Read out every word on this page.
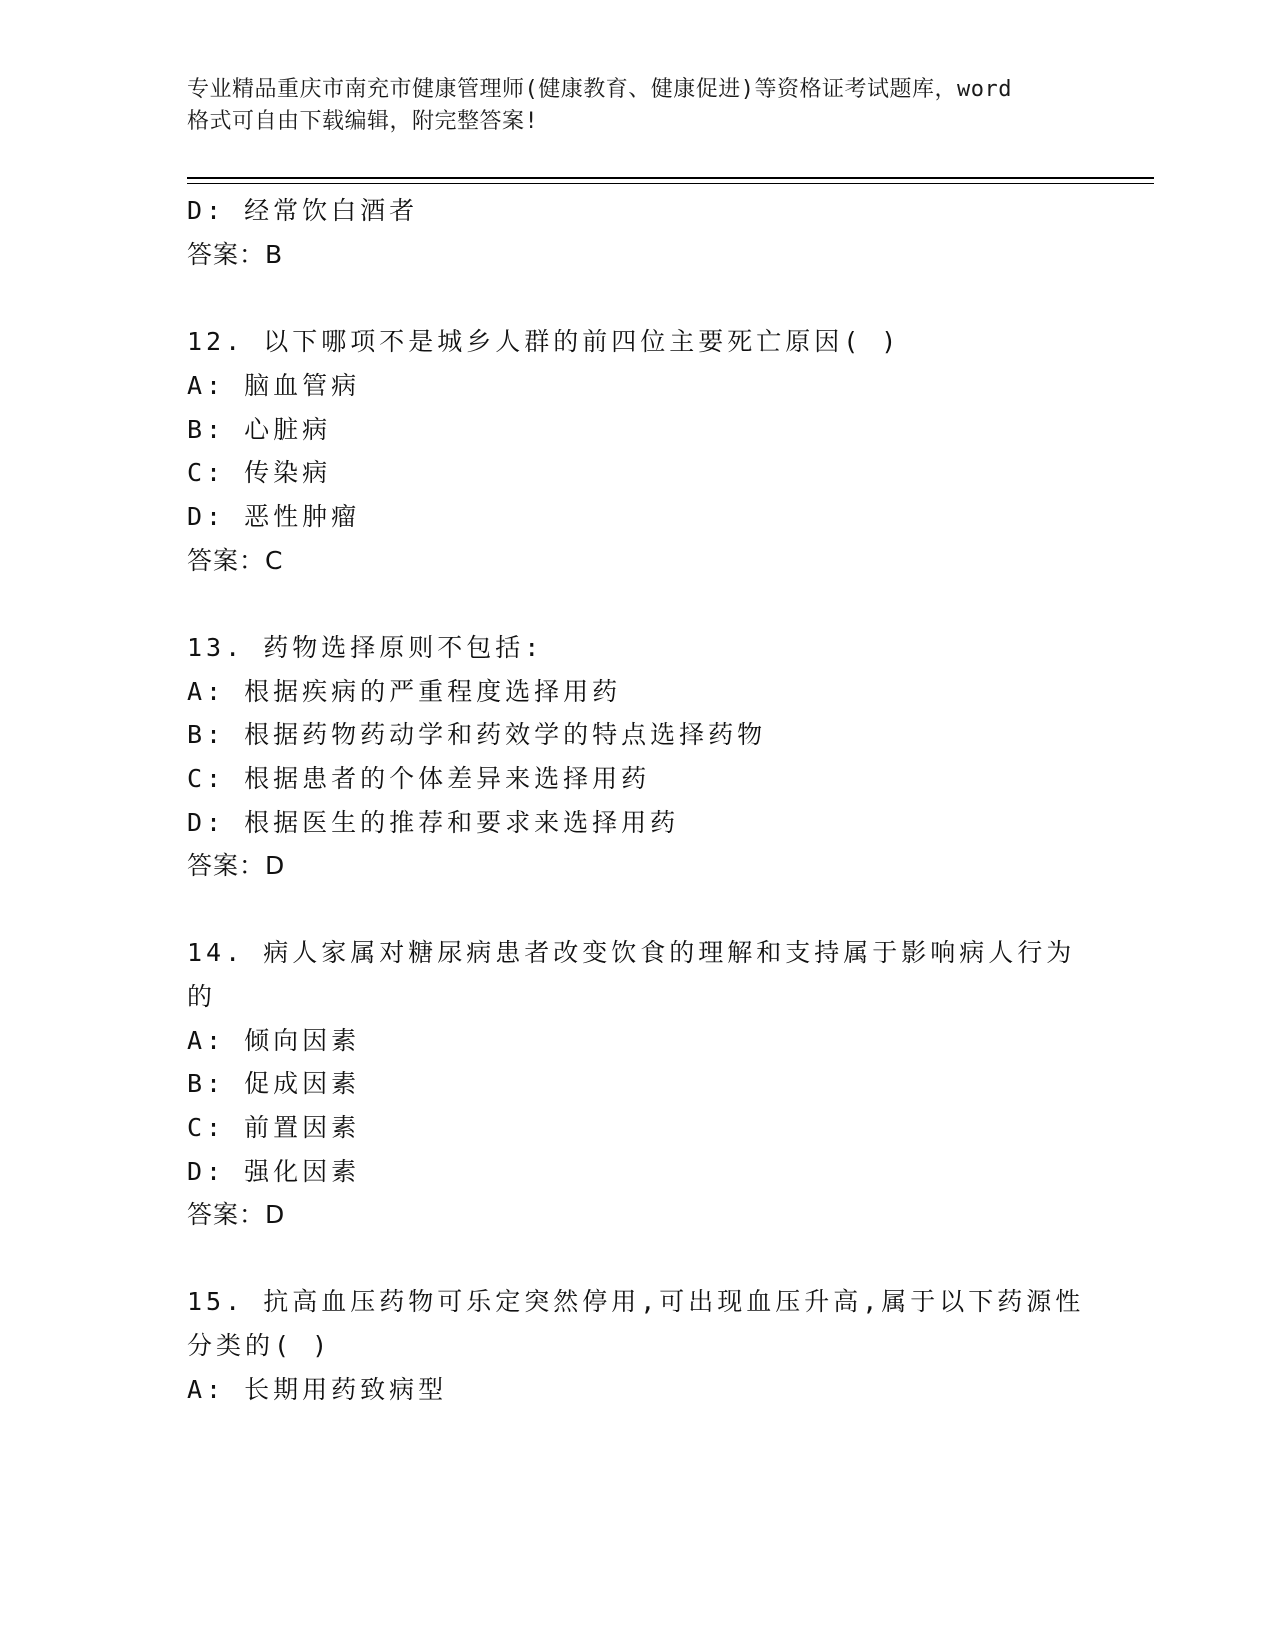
专业精品重庆市南充市健康管理师(健康教育、健康促进)等资格证考试题库，word
格式可自由下载编辑，附完整答案!
D: 经常饮白酒者
答案：B
12. 以下哪项不是城乡人群的前四位主要死亡原因( )
A: 脑血管病
B: 心脏病
C: 传染病
D: 恶性肿瘤
答案：C
13. 药物选择原则不包括:
A: 根据疾病的严重程度选择用药
B: 根据药物药动学和药效学的特点选择药物
C: 根据患者的个体差异来选择用药
D: 根据医生的推荐和要求来选择用药
答案：D
14. 病人家属对糖尿病患者改变饮食的理解和支持属于影响病人行为
的
A: 倾向因素
B: 促成因素
C: 前置因素
D: 强化因素
答案：D
15. 抗高血压药物可乐定突然停用,可出现血压升高,属于以下药源性
分类的( )
A: 长期用药致病型
